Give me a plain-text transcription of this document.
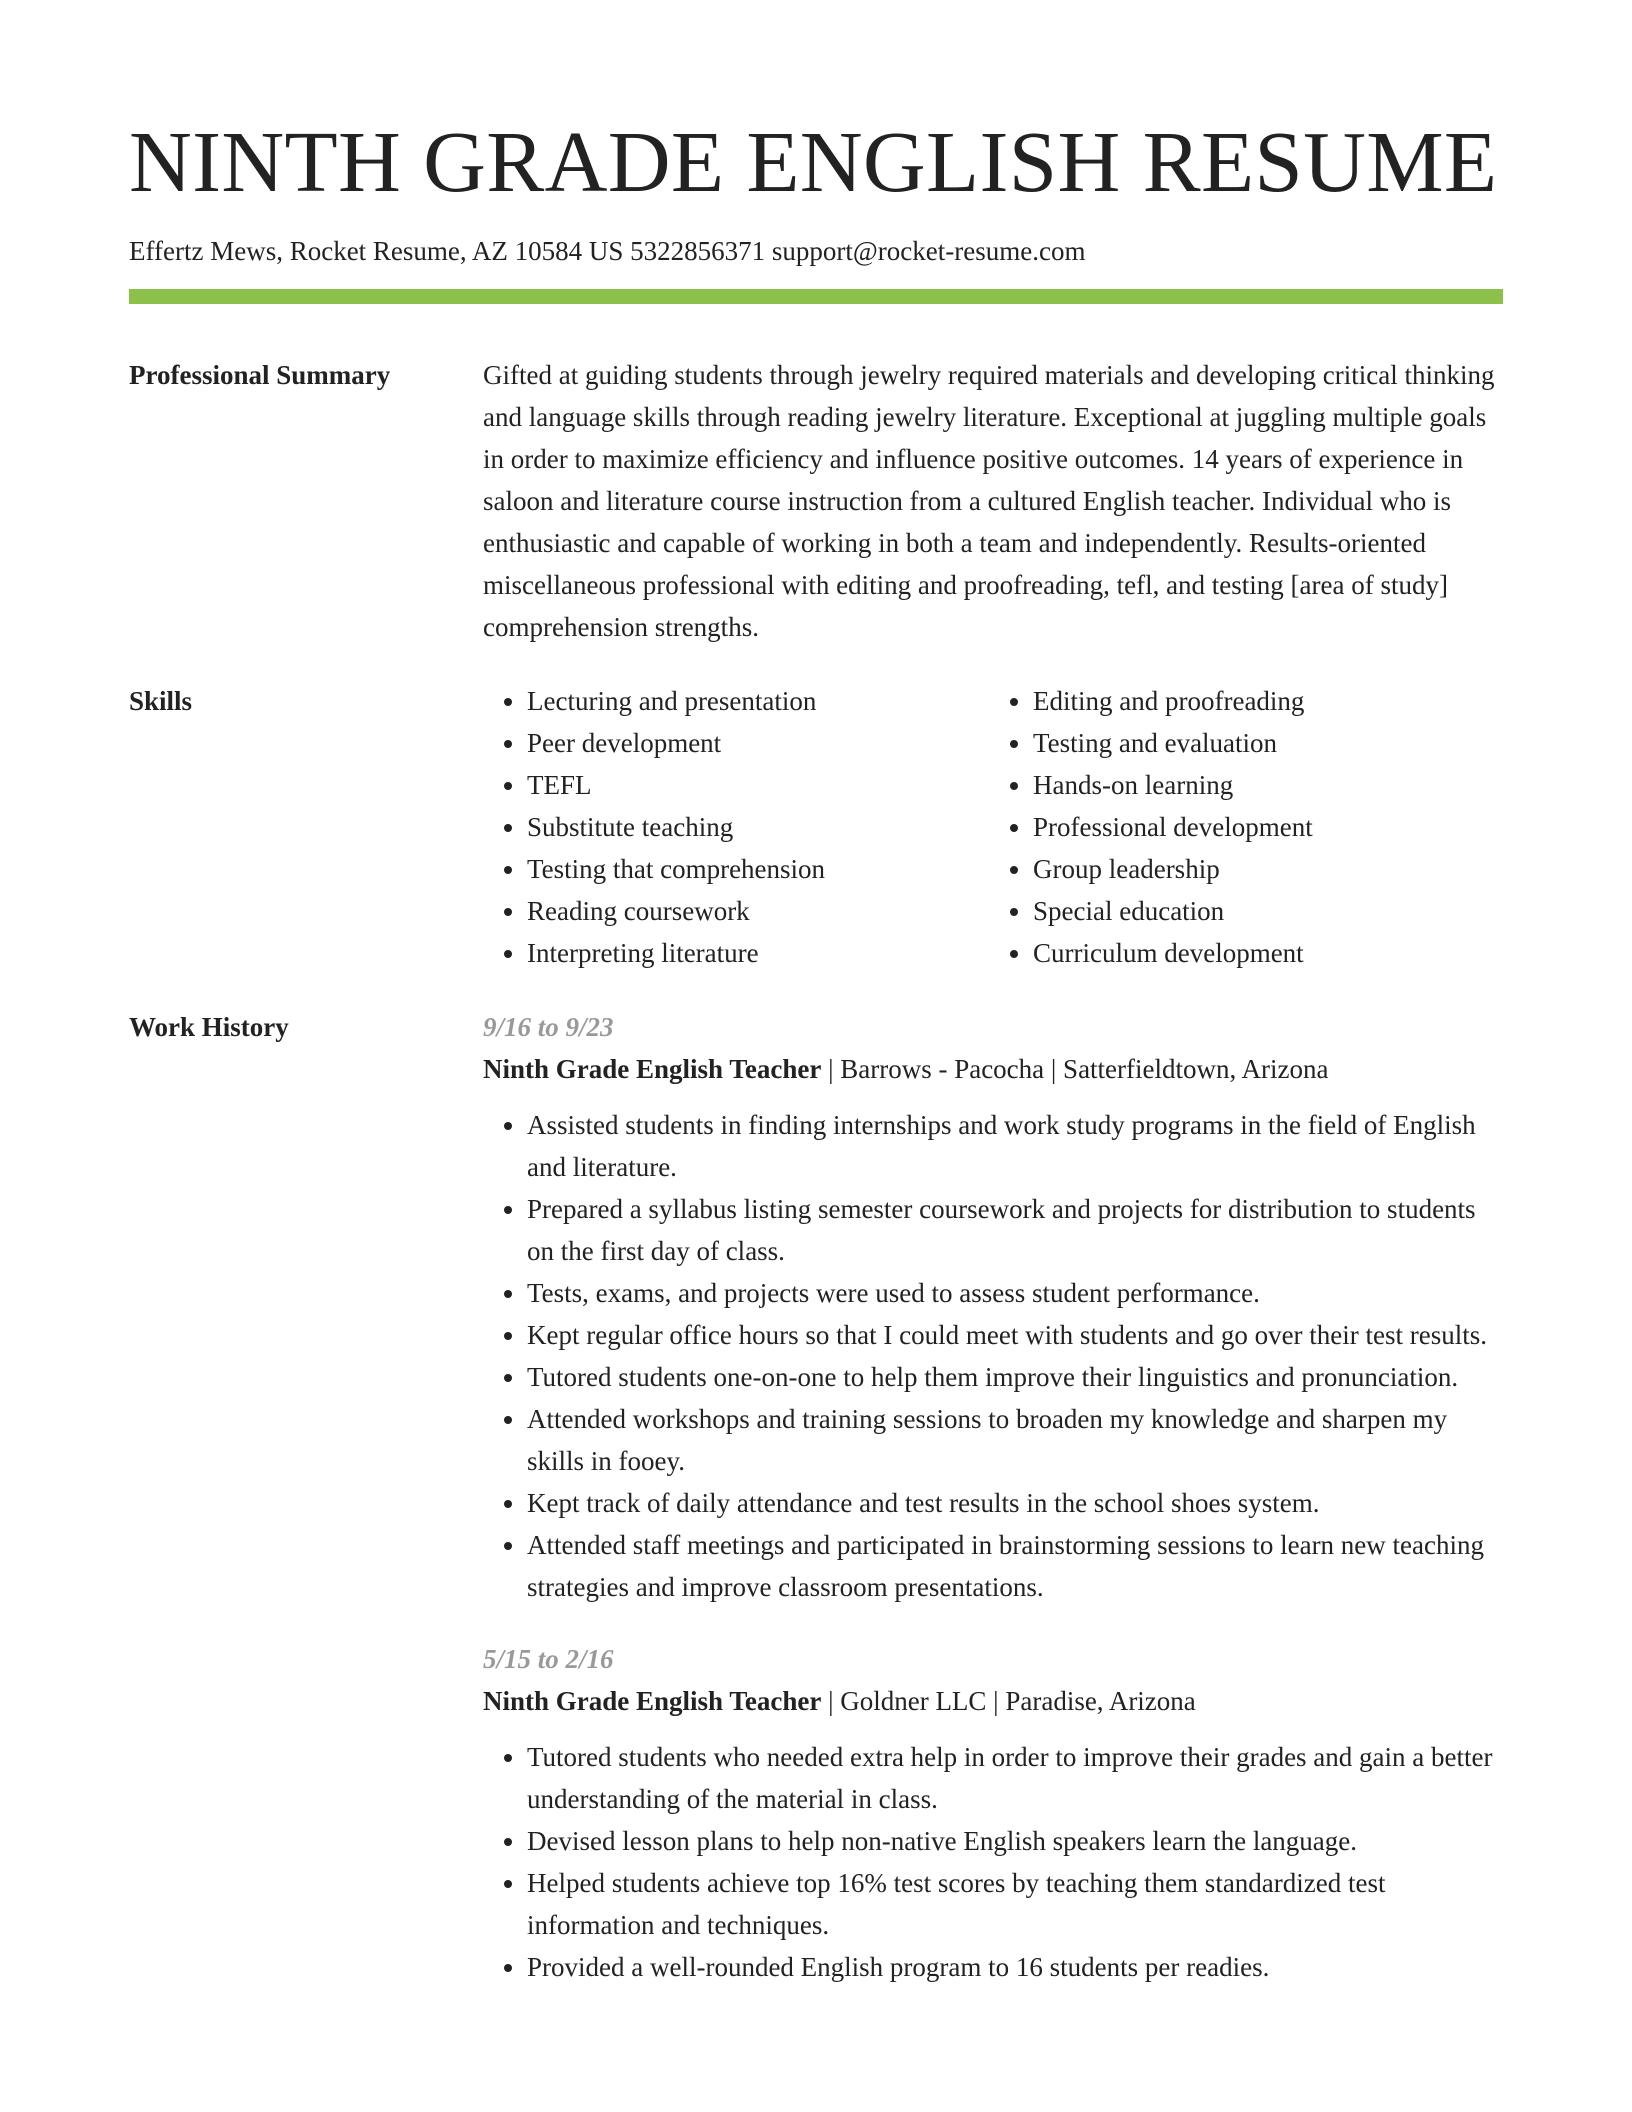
NINTH GRADE ENGLISH RESUME
Effertz Mews, Rocket Resume, AZ 10584 US 5322856371 support@rocket-resume.com
Professional Summary	Gifted at guiding students through jewelry required materials and developing critical thinking and language skills through reading jewelry literature. Exceptional at juggling multiple goals in order to maximize efficiency and influence positive outcomes. 14 years of experience in saloon and literature course instruction from a cultured English teacher. Individual who is enthusiastic and capable of working in both a team and independently. Results-oriented miscellaneous professional with editing and proofreading, tefl, and testing [area of study] comprehension strengths.

Skills
•	Lecturing and presentation
• Peer development
• TEFL
• Substitute teaching
• Testing that comprehension
• Reading coursework
• Interpreting literature
• Editing and proofreading
• Testing and evaluation
• Hands-on learning
• Professional development
• Group leadership
• Special education
• Curriculum development
Work History	9/16 to 9/23
Ninth Grade English Teacher | Barrows - Pacocha | Satterfieldtown, Arizona
• Assisted students in finding internships and work study programs in the field of English and literature.
• Prepared a syllabus listing semester coursework and projects for distribution to students on the first day of class.
• Tests, exams, and projects were used to assess student performance.
• Kept regular office hours so that I could meet with students and go over their test results.
• Tutored students one-on-one to help them improve their linguistics and pronunciation.
• Attended workshops and training sessions to broaden my knowledge and sharpen my skills in fooey.
• Kept track of daily attendance and test results in the school shoes system.
• Attended staff meetings and participated in brainstorming sessions to learn new teaching strategies and improve classroom presentations.
5/15 to 2/16
Ninth Grade English Teacher | Goldner LLC | Paradise, Arizona
• Tutored students who needed extra help in order to improve their grades and gain a better understanding of the material in class.
• Devised lesson plans to help non-native English speakers learn the language.
• Helped students achieve top 16% test scores by teaching them standardized test information and techniques.
• Provided a well-rounded English program to 16 students per readies.
